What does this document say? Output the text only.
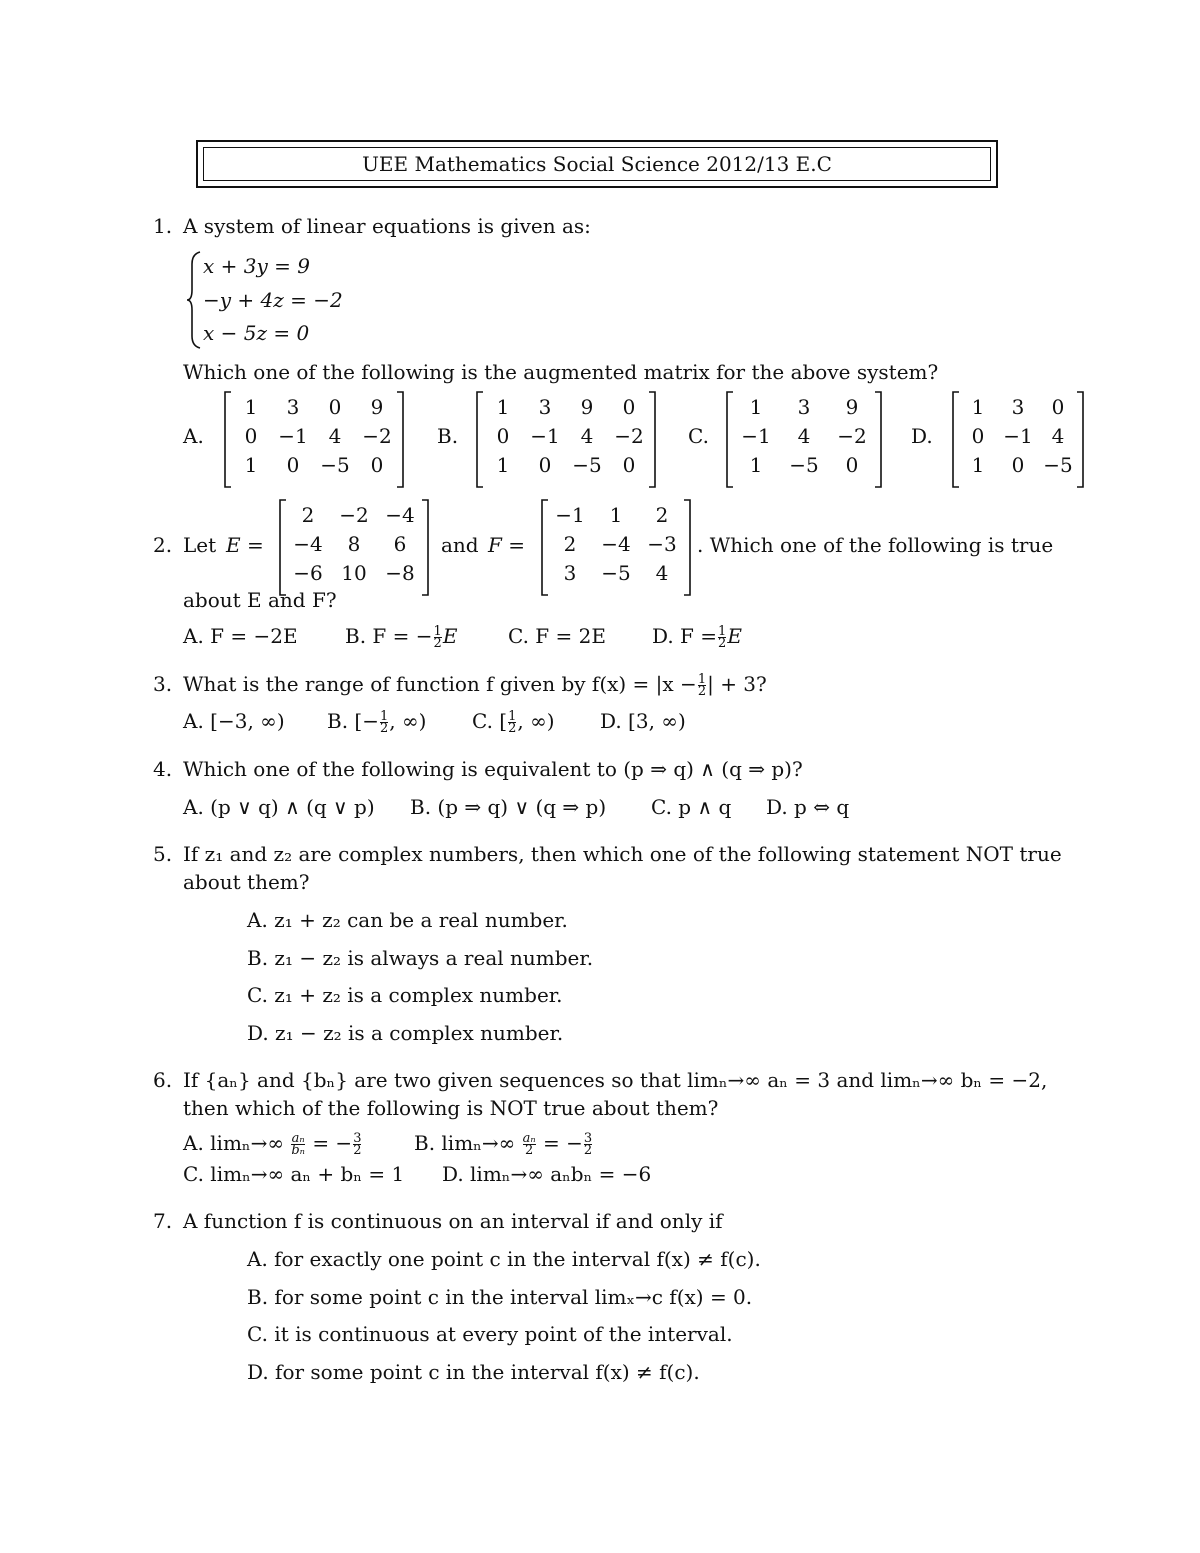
UEE Mathematics Social Science 2012/13 E.C
1. A system of linear equations is given as:
x + 3y = 9
−y + 4z = −2
x − 5z = 0
Which one of the following is the augmented matrix for the above system?
A.
1	3	0	9
0	−1	4	−2
1	0	−5	0
B.
1	3	9	0
0	−1	4	−2
1	0	−5	0
C.
1	3	9
−1	4	−2
1	−5	0
D.
1	3	0
0 −1 4
1	0 −5
2. Let E =
2	−2 −4
−4	8	6
−6 10 −8
and F =
−1	1	2
2	−4 −3
3	−5	4
. Which one of the following is true
about E and F?
A. F = −2E B. F = − $\frac{1}{2}$ E	C. F = 2E D. $F = \frac{1}{2}$ E
3. What is the range of function f given by $f(x) = |x - \frac{1}{2}$ | + 3?
A. [−3, ∞) B. [− $\frac{1}{2}$ , ∞) C. [ $\frac{1}{2}$ , ∞) D. [3, ∞)
4. Which one of the following is equivalent to (p ⇒ q) ∧ (q ⇒ p)?
A. (p ∨ q) ∧ (q ∨ p) B. (p ⇒ q) ∨ (q ⇒ p) C. p ∧ q D. p ⇔ q
5. If z₁ and z₂ are complex numbers, then which one of the following statement NOT true
about them?
A. z₁ + z₂ can be a real number.
B. z₁ − z₂ is always a real number.
C. z₁ + z₂ is a complex number.
D. z₁ − z₂ is a complex number.
6. If {aₙ} and {bₙ} are two given sequences so that limₙ→∞ aₙ = 3 and limₙ→∞ bₙ = −2,
then which of the following is NOT true about them?
A. $\lim_n\to\infty \frac{\text{aₙ}}{\text{bₙ}}$ = − $\frac{3}{2}$	B. $\lim_n\to\infty \frac{\text{aₙ}}{2}$ = − $\frac{3}{2}$
C. limₙ→∞ aₙ + bₙ = 1 D. limₙ→∞ aₙbₙ = −6
7. A function f is continuous on an interval if and only if
A. for exactly one point c in the interval f(x) ≠ f(c).
B. for some point c in the interval limₓ→c f(x) = 0.
C. it is continuous at every point of the interval.
D. for some point c in the interval f(x) ≠ f(c).
